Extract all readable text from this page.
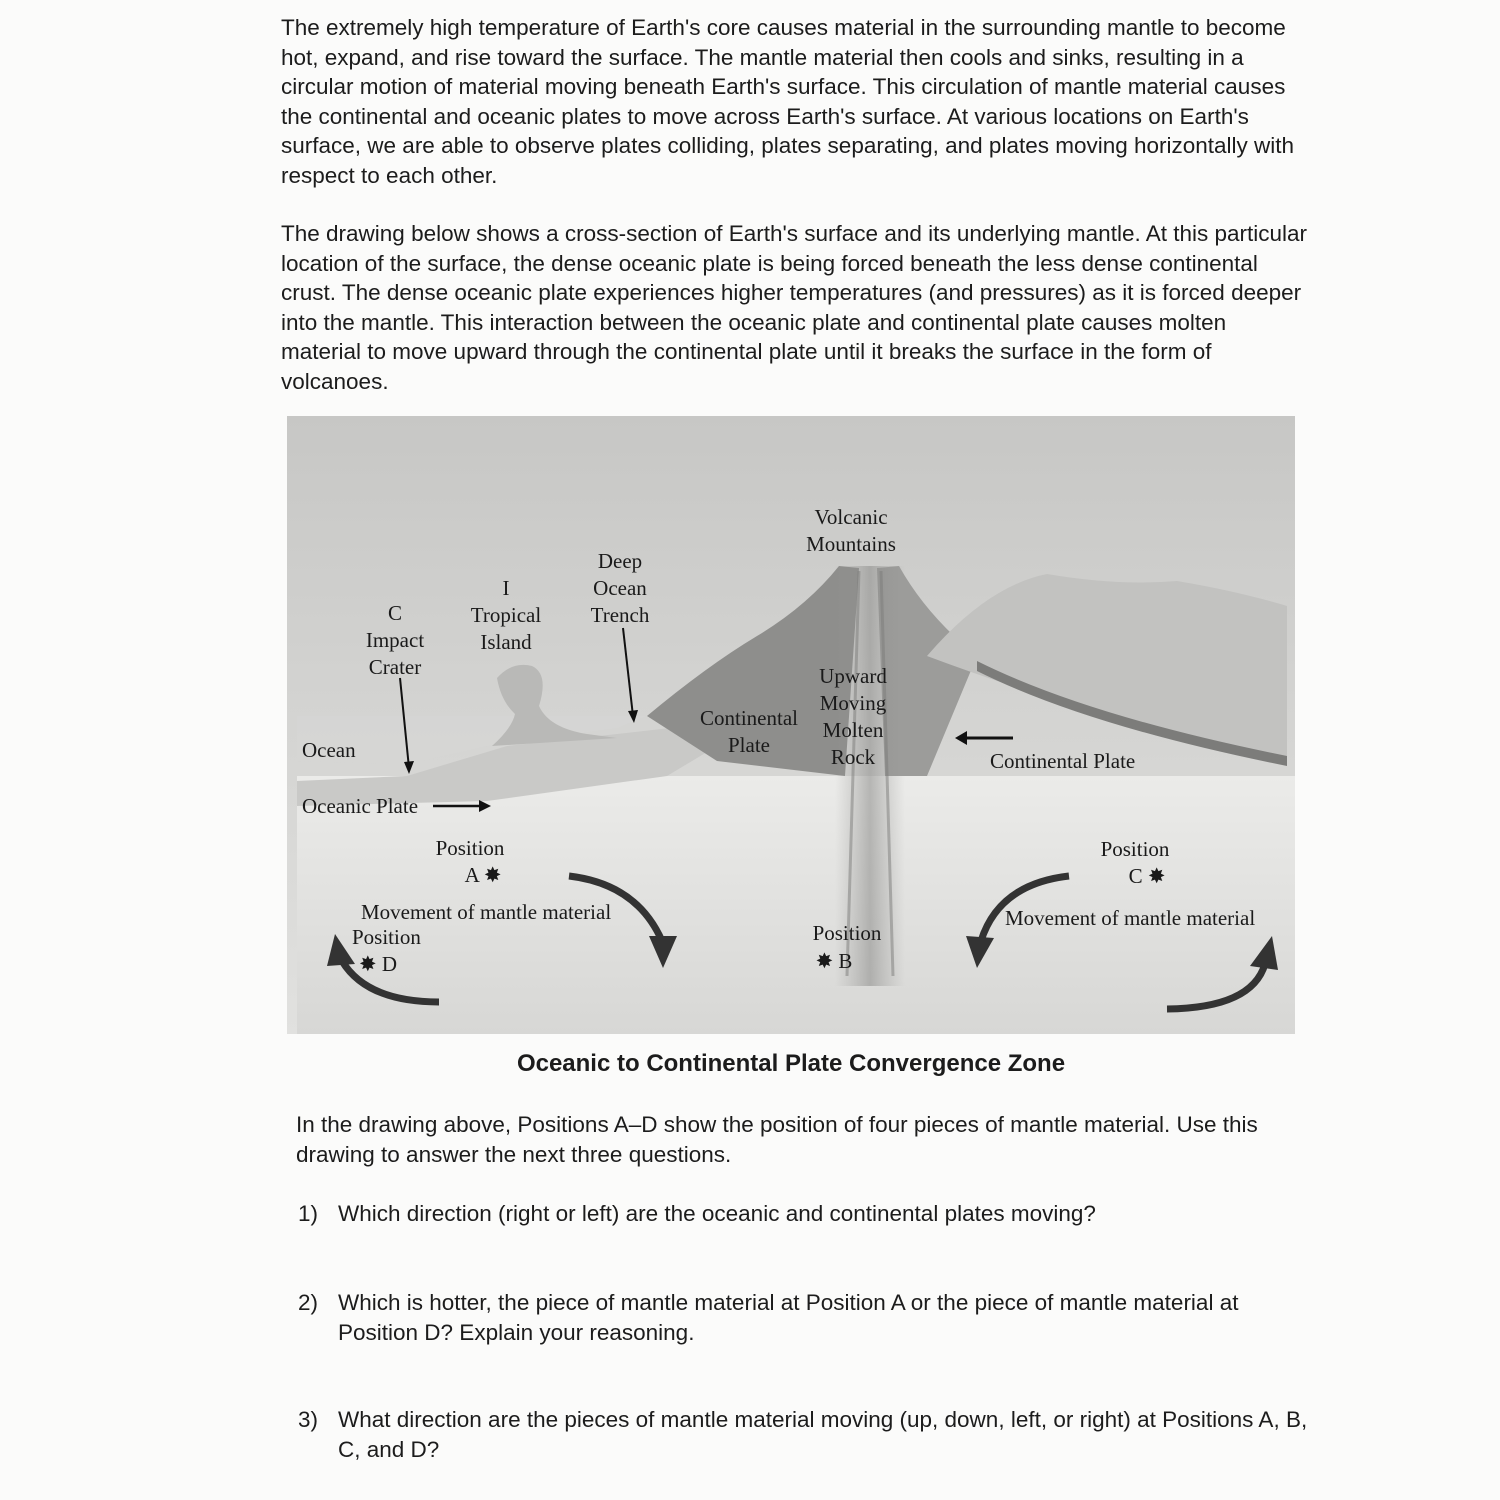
The extremely high temperature of Earth's core causes material in the surrounding mantle to become hot, expand, and rise toward the surface. The mantle material then cools and sinks, resulting in a circular motion of material moving beneath Earth's surface. This circulation of mantle material causes the continental and oceanic plates to move across Earth's surface. At various locations on Earth's surface, we are able to observe plates colliding, plates separating, and plates moving horizontally with respect to each other.

The drawing below shows a cross-section of Earth's surface and its underlying mantle. At this particular location of the surface, the dense oceanic plate is being forced beneath the less dense continental crust. The dense oceanic plate experiences higher temperatures (and pressures) as it is forced deeper into the mantle. This interaction between the oceanic plate and continental plate causes molten material to move upward through the continental plate until it breaks the surface in the form of volcanoes.

Volcanic
Mountains
Deep
Ocean
Trench
I
Tropical
Island
C
Impact
Crater
Ocean
Oceanic Plate
Continental
Plate
Upward
Moving
Molten
Rock	Continental Plate
Position
A ✸
Position
✸ B
Position
C ✸
Position
✸ D
Movement of mantle material	Movement of mantle material

Oceanic to Continental Plate Convergence Zone

In the drawing above, Positions A–D show the position of four pieces of mantle material. Use this drawing to answer the next three questions.

1) Which direction (right or left) are the oceanic and continental plates moving?
2) Which is hotter, the piece of mantle material at Position A or the piece of mantle material at Position D? Explain your reasoning.
3) What direction are the pieces of mantle material moving (up, down, left, or right) at Positions A, B, C, and D?
